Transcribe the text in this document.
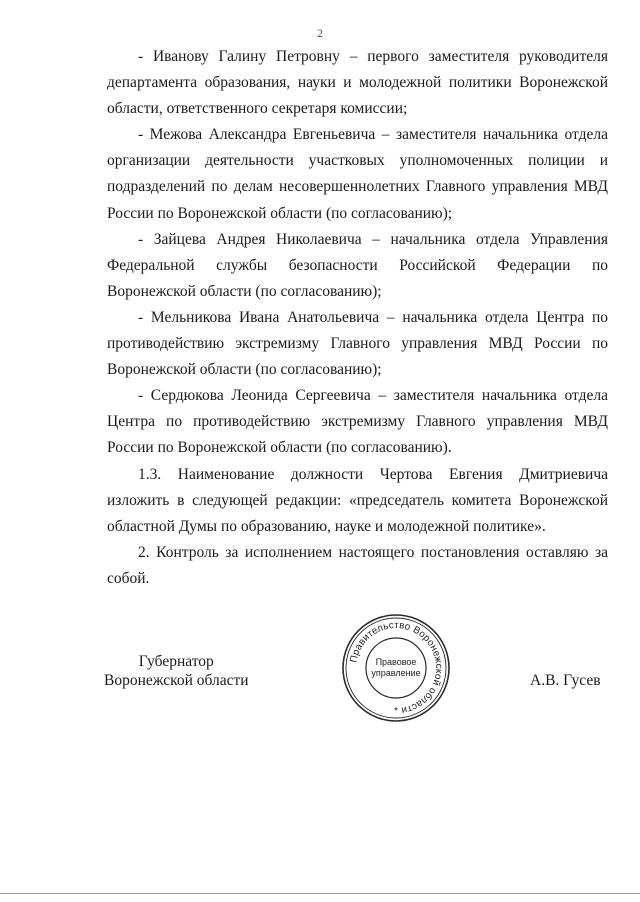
2

- Иванову Галину Петровну – первого заместителя руководителя департамента образования, науки и молодежной политики Воронежской области, ответственного секретаря комиссии;

- Межова Александра Евгеньевича – заместителя начальника отдела организации деятельности участковых уполномоченных полиции и подразделений по делам несовершеннолетних Главного управления МВД России по Воронежской области (по согласованию);

- Зайцева Андрея Николаевича – начальника отдела Управления Федеральной службы безопасности Российской Федерации по Воронежской области (по согласованию);

- Мельникова Ивана Анатольевича – начальника отдела Центра по противодействию экстремизму Главного управления МВД России по Воронежской области (по согласованию);

- Сердюкова Леонида Сергеевича – заместителя начальника отдела Центра по противодействию экстремизму Главного управления МВД России по Воронежской области (по согласованию).

1.3. Наименование должности Чертова Евгения Дмитриевича изложить в следующей редакции: «председатель комитета Воронежской областной Думы по образованию, науке и молодежной политике».

2. Контроль за исполнением настоящего постановления оставляю за собой.

Губернатор
Воронежской области
Правительство Воронежской области
Правовое
управление
*
А.В. Гусев
